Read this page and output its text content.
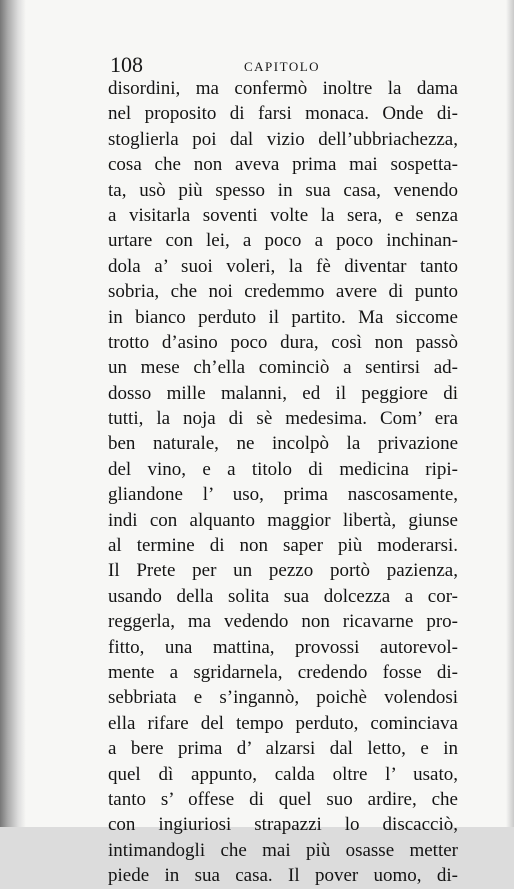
108	CAPITOLO
disordini, ma confermò inoltre la dama
nel proposito di farsi monaca. Onde di-
stoglierla poi dal vizio dell’ubbriachezza,
cosa che non aveva prima mai sospetta-
ta, usò più spesso in sua casa, venendo
a visitarla soventi volte la sera, e senza
urtare con lei, a poco a poco inchinan-
dola a’ suoi voleri, la fè diventar tanto
sobria, che noi credemmo avere di punto
in bianco perduto il partito. Ma siccome
trotto d’asino poco dura, così non passò
un mese ch’ella cominciò a sentirsi ad-
dosso mille malanni, ed il peggiore di
tutti, la noja di sè medesima. Com’ era
ben naturale, ne incolpò la privazione
del vino, e a titolo di medicina ripi-
gliandone l’ uso, prima nascosamente,
indi con alquanto maggior libertà, giunse
al termine di non saper più moderarsi.
Il Prete per un pezzo portò pazienza,
usando della solita sua dolcezza a cor-
reggerla, ma vedendo non ricavarne pro-
fitto, una mattina, provossi autorevol-
mente a sgridarnela, credendo fosse di-
sebbriata e s’ingannò, poichè volendosi
ella rifare del tempo perduto, cominciava
a bere prima d’ alzarsi dal letto, e in
quel dì appunto, calda oltre l’ usato,
tanto s’ offese di quel suo ardire, che
con ingiuriosi strapazzi lo discacciò,
intimandogli che mai più osasse metter
piede in sua casa. Il pover uomo, di-
